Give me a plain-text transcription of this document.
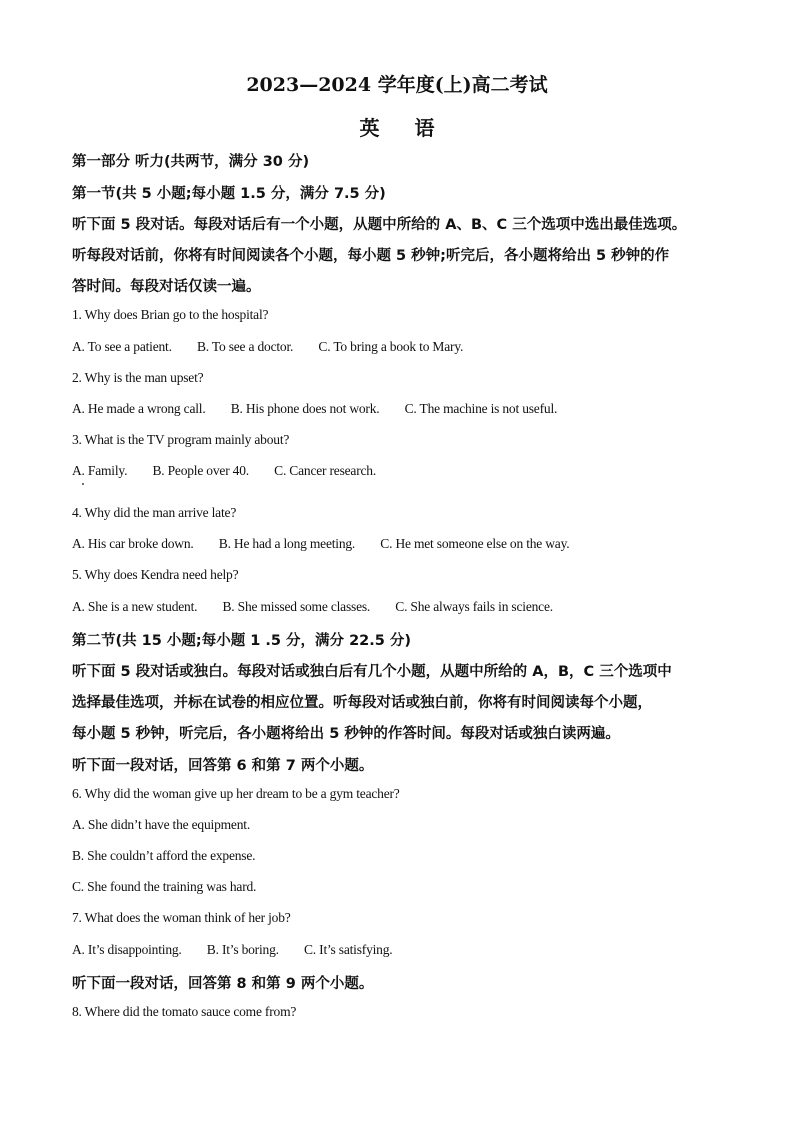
2023—2024 学年度(上)高二考试
英 语
第一部分 听力(共两节，满分 30 分)
第一节(共 5 小题;每小题 1.5 分，满分 7.5 分)
听下面 5 段对话。每段对话后有一个小题，从题中所给的 A、B、C 三个选项中选出最佳选项。
听每段对话前，你将有时间阅读各个小题，每小题 5 秒钟;听完后，各小题将给出 5 秒钟的作
答时间。每段对话仅读一遍。
1. Why does Brian go to the hospital?
A. To see a patient. B. To see a doctor. C. To bring a book to Mary.
2. Why is the man upset?
A. He made a wrong call. B. His phone does not work. C. The machine is not useful.
3. What is the TV program mainly about?
A. Family. B. People over 40. C. Cancer research.
4. Why did the man arrive late?
A. His car broke down. B. He had a long meeting. C. He met someone else on the way.
5. Why does Kendra need help?
A. She is a new student. B. She missed some classes. C. She always fails in science.
第二节(共 15 小题;每小题 1 .5 分，满分 22.5 分)
听下面 5 段对话或独白。每段对话或独白后有几个小题，从题中所给的 A，B，C 三个选项中
选择最佳选项，并标在试卷的相应位置。听每段对话或独白前，你将有时间阅读每个小题，
每小题 5 秒钟，听完后，各小题将给出 5 秒钟的作答时间。每段对话或独白读两遍。
听下面一段对话，回答第 6 和第 7 两个小题。
6. Why did the woman give up her dream to be a gym teacher?
A. She didn’t have the equipment.
B. She couldn’t afford the expense.
C. She found the training was hard.
7. What does the woman think of her job?
A. It’s disappointing. B. It’s boring. C. It’s satisfying.
听下面一段对话，回答第 8 和第 9 两个小题。
8. Where did the tomato sauce come from?
